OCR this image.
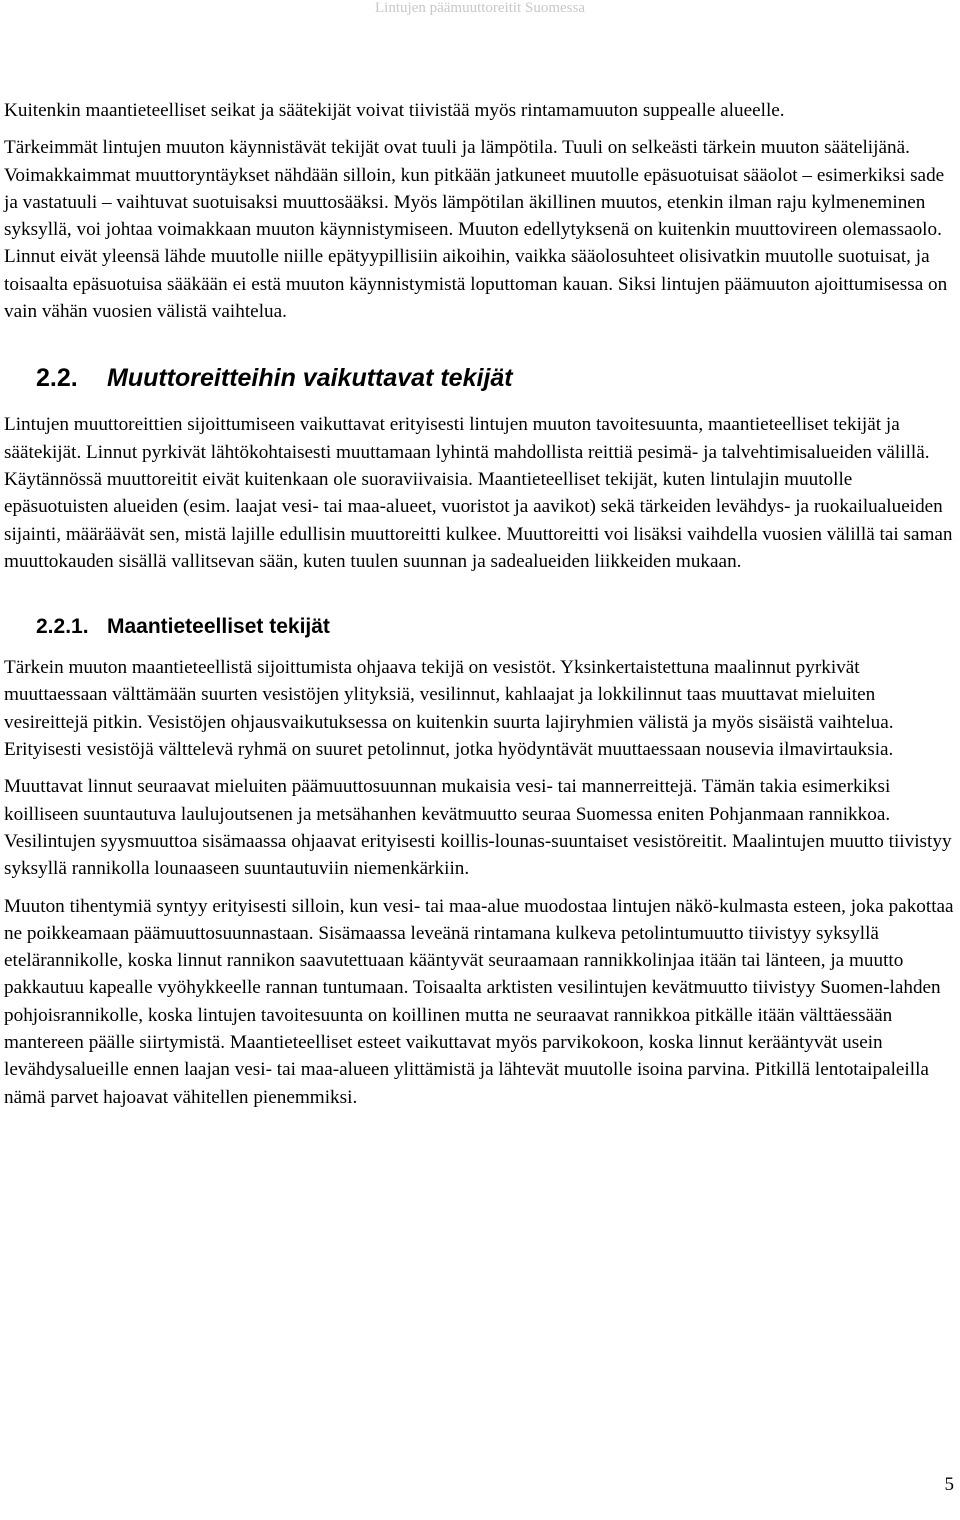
Lintujen päämuuttoreitit Suomessa

Kuitenkin maantieteelliset seikat ja säätekijät voivat tiivistää myös rintamamuuton suppealle alueelle.

Tärkeimmät lintujen muuton käynnistävät tekijät ovat tuuli ja lämpötila. Tuuli on selkeästi tärkein muuton säätelijänä. Voimakkaimmat muuttoryntäykset nähdään silloin, kun pitkään jatkuneet muutolle epäsuotuisat sääolot – esimerkiksi sade ja vastatuuli – vaihtuvat suotuisaksi muuttosääksi. Myös lämpötilan äkillinen muutos, etenkin ilman raju kylmeneminen syksyllä, voi johtaa voimakkaan muuton käynnistymiseen. Muuton edellytyksenä on kuitenkin muuttovireen olemassaolo. Linnut eivät yleensä lähde muutolle niille epätyypillisiin aikoihin, vaikka sääolosuhteet olisivatkin muutolle suotuisat, ja toisaalta epäsuotuisa sääkään ei estä muuton käynnistymistä loputtoman kauan. Siksi lintujen päämuuton ajoittumisessa on vain vähän vuosien välistä vaihtelua.

2.2. Muuttoreitteihin vaikuttavat tekijät

Lintujen muuttoreittien sijoittumiseen vaikuttavat erityisesti lintujen muuton tavoitesuunta, maantieteelliset tekijät ja säätekijät. Linnut pyrkivät lähtökohtaisesti muuttamaan lyhintä mahdollista reittiä pesimä- ja talvehtimisalueiden välillä. Käytännössä muuttoreitit eivät kuitenkaan ole suoraviivaisia. Maantieteelliset tekijät, kuten lintulajin muutolle epäsuotuisten alueiden (esim. laajat vesi- tai maa-alueet, vuoristot ja aavikot) sekä tärkeiden levähdys- ja ruokailualueiden sijainti, määräävät sen, mistä lajille edullisin muuttoreitti kulkee. Muuttoreitti voi lisäksi vaihdella vuosien välillä tai saman muuttokauden sisällä vallitsevan sään, kuten tuulen suunnan ja sadealueiden liikkeiden mukaan.

2.2.1. Maantieteelliset tekijät

Tärkein muuton maantieteellistä sijoittumista ohjaava tekijä on vesistöt. Yksinkertaistettuna maalinnut pyrkivät muuttaessaan välttämään suurten vesistöjen ylityksiä, vesilinnut, kahlaajat ja lokkilinnut taas muuttavat mieluiten vesireittejä pitkin. Vesistöjen ohjausvaikutuksessa on kuitenkin suurta lajiryhmien välistä ja myös sisäistä vaihtelua. Erityisesti vesistöjä välttelevä ryhmä on suuret petolinnut, jotka hyödyntävät muuttaessaan nousevia ilmavirtauksia.

Muuttavat linnut seuraavat mieluiten päämuuttosuunnan mukaisia vesi- tai mannerreittejä. Tämän takia esimerkiksi koilliseen suuntautuva laulujoutsenen ja metsähanhen kevätmuutto seuraa Suomessa eniten Pohjanmaan rannikkoa. Vesilintujen syysmuuttoa sisämaassa ohjaavat erityisesti koillis-lounas-suuntaiset vesistöreitit. Maalintujen muutto tiivistyy syksyllä rannikolla lounaaseen suuntautuviin niemenkärkiin.

Muuton tihentymiä syntyy erityisesti silloin, kun vesi- tai maa-alue muodostaa lintujen näkö-kulmasta esteen, joka pakottaa ne poikkeamaan päämuuttosuunnastaan. Sisämaassa leveänä rintamana kulkeva petolintumuutto tiivistyy syksyllä etelärannikolle, koska linnut rannikon saavutettuaan kääntyvät seuraamaan rannikkolinjaa itään tai länteen, ja muutto pakkautuu kapealle vyöhykkeelle rannan tuntumaan. Toisaalta arktisten vesilintujen kevätmuutto tiivistyy Suomen-lahden pohjoisrannikolle, koska lintujen tavoitesuunta on koillinen mutta ne seuraavat rannikkoa pitkälle itään välttäessään mantereen päälle siirtymistä. Maantieteelliset esteet vaikuttavat myös parvikokoon, koska linnut kerääntyvät usein levähdysalueille ennen laajan vesi- tai maa-alueen ylittämistä ja lähtevät muutolle isoina parvina. Pitkillä lentotaipaleilla nämä parvet hajoavat vähitellen pienemmiksi.

5
